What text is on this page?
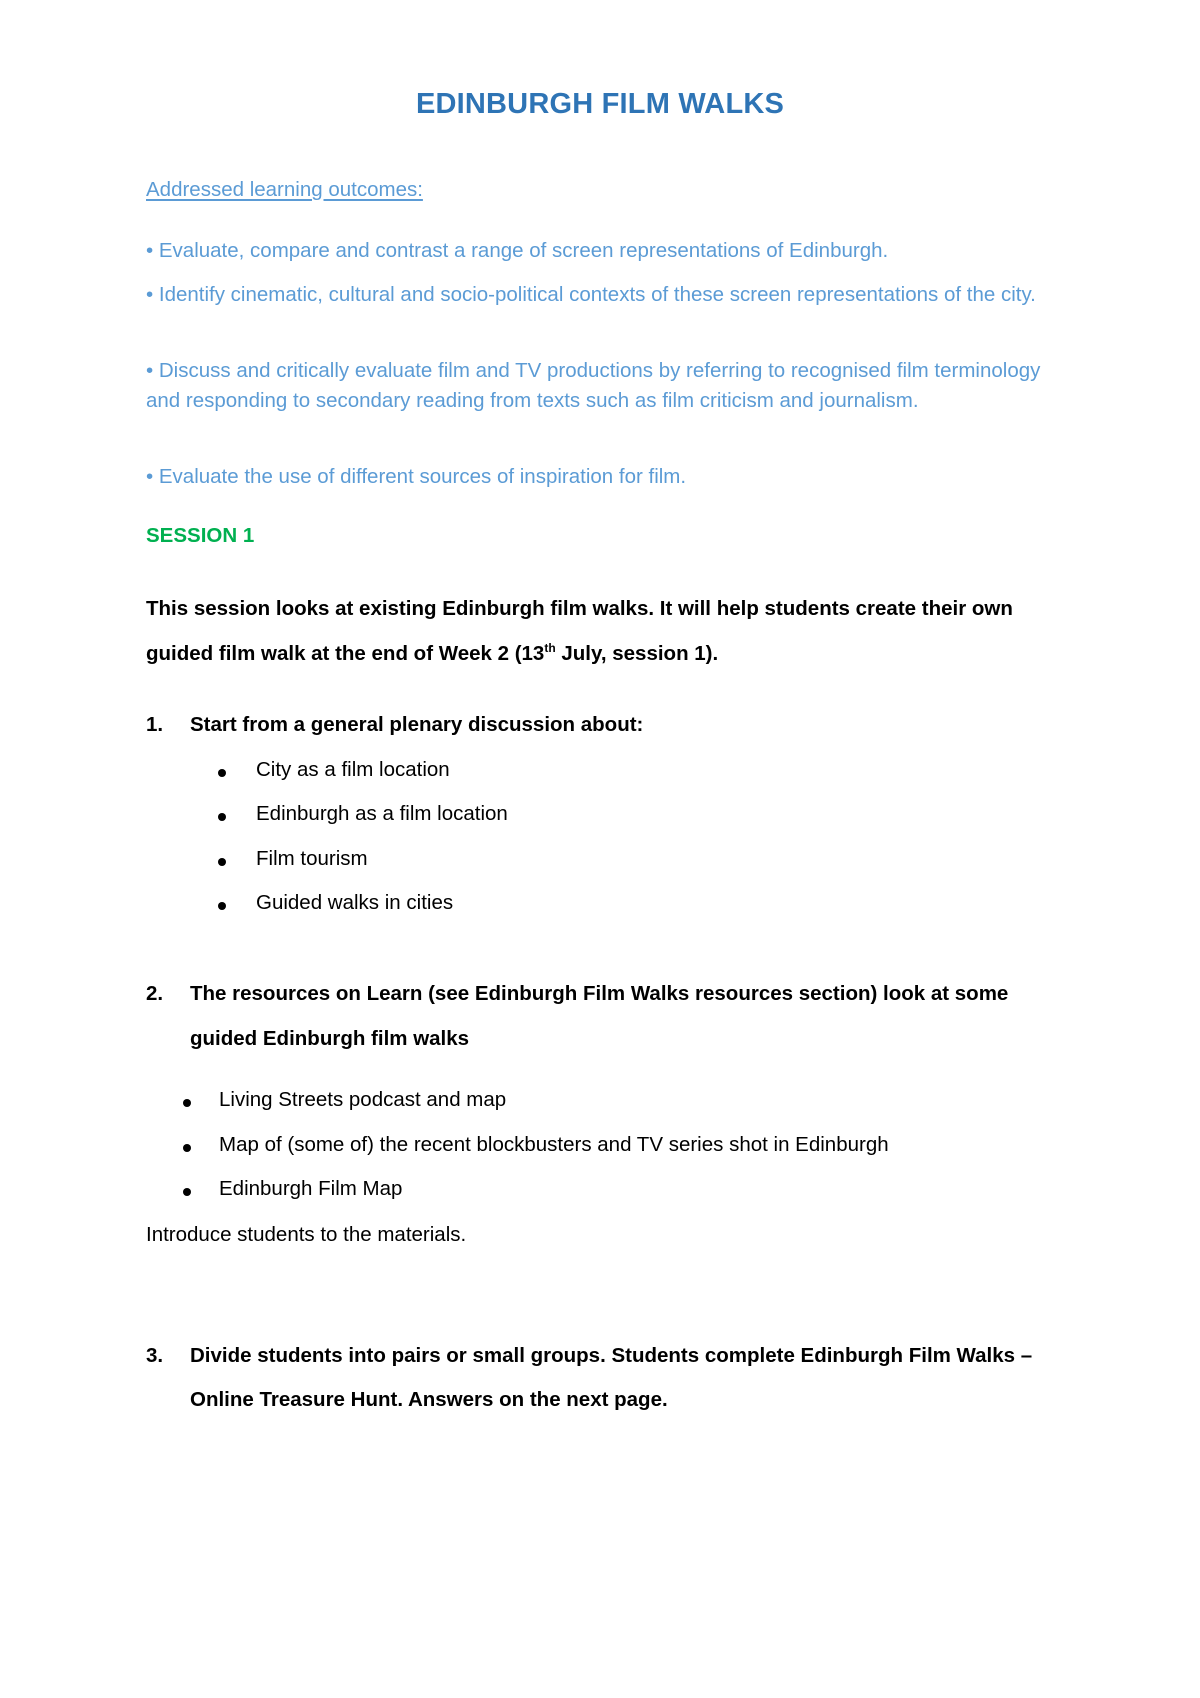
EDINBURGH FILM WALKS
Addressed learning outcomes:

• Evaluate, compare and contrast a range of screen representations of Edinburgh.

• Identify cinematic, cultural and socio-political contexts of these screen representations of the city.

• Discuss and critically evaluate film and TV productions by referring to recognised film terminology and responding to secondary reading from texts such as film criticism and journalism.

• Evaluate the use of different sources of inspiration for film.

SESSION 1
This session looks at existing Edinburgh film walks. It will help students create their own
guided film walk at the end of Week 2 (13th July, session 1).
1. Start from a general plenary discussion about:
City as a film location
Edinburgh as a film location
Film tourism
Guided walks in cities
2. The resources on Learn (see Edinburgh Film Walks resources section) look at some
guided Edinburgh film walks
Living Streets podcast and map
Map of (some of) the recent blockbusters and TV series shot in Edinburgh
Edinburgh Film Map
Introduce students to the materials.
3. Divide students into pairs or small groups. Students complete Edinburgh Film Walks –
Online Treasure Hunt. Answers on the next page.
